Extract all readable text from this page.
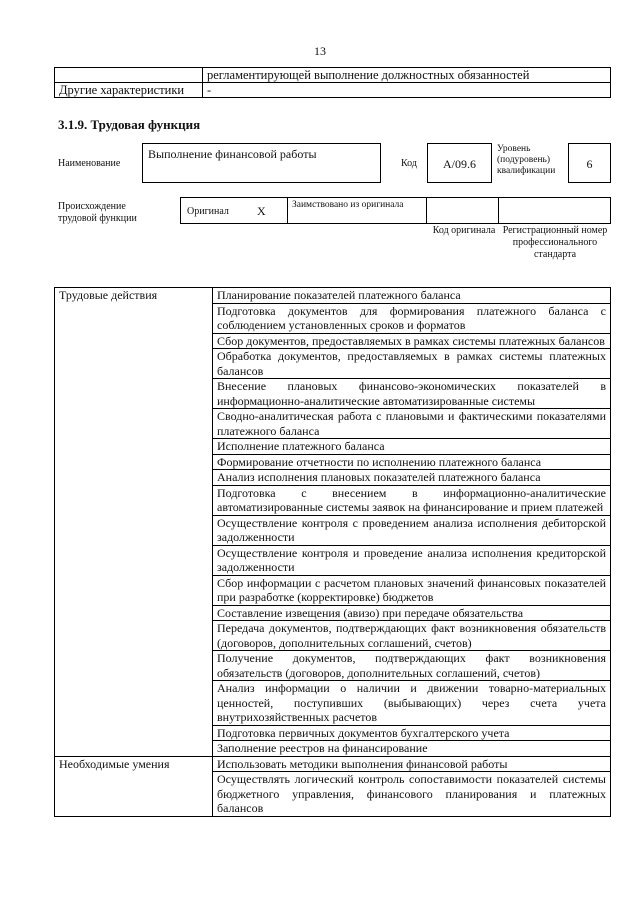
13
	регламентирующей выполнение должностных обязанностей
Другие характеристики	-
3.1.9. Трудовая функция
Наименование
Выполнение финансовой работы
Код	A/09.6
Уровень (подуровень) квалификации	6
Происхождение трудовой функции
Оригинал X	Заимствовано из оригинала
Код оригинала Регистрационный номер профессионального стандарта
Трудовые действия	Планирование показателей платежного баланса
	Подготовка документов для формирования платежного баланса с соблюдением установленных сроков и форматов
	Сбор документов, предоставляемых в рамках системы платежных балансов
	Обработка документов, предоставляемых в рамках системы платежных балансов
	Внесение плановых финансово-экономических показателей в информационно-аналитические автоматизированные системы
	Сводно-аналитическая работа с плановыми и фактическими показателями платежного баланса
	Исполнение платежного баланса
	Формирование отчетности по исполнению платежного баланса
	Анализ исполнения плановых показателей платежного баланса
	Подготовка с внесением в информационно-аналитические автоматизированные системы заявок на финансирование и прием платежей
	Осуществление контроля с проведением анализа исполнения дебиторской задолженности
	Осуществление контроля и проведение анализа исполнения кредиторской задолженности
	Сбор информации с расчетом плановых значений финансовых показателей при разработке (корректировке) бюджетов
	Составление извещения (авизо) при передаче обязательства
	Передача документов, подтверждающих факт возникновения обязательств (договоров, дополнительных соглашений, счетов)
	Получение документов, подтверждающих факт возникновения обязательств (договоров, дополнительных соглашений, счетов)
	Анализ информации о наличии и движении товарно-материальных ценностей, поступивших (выбывающих) через счета учета внутрихозяйственных расчетов
	Подготовка первичных документов бухгалтерского учета
	Заполнение реестров на финансирование
Необходимые умения	Использовать методики выполнения финансовой работы
	Осуществлять логический контроль сопоставимости показателей системы бюджетного управления, финансового планирования и платежных балансов
